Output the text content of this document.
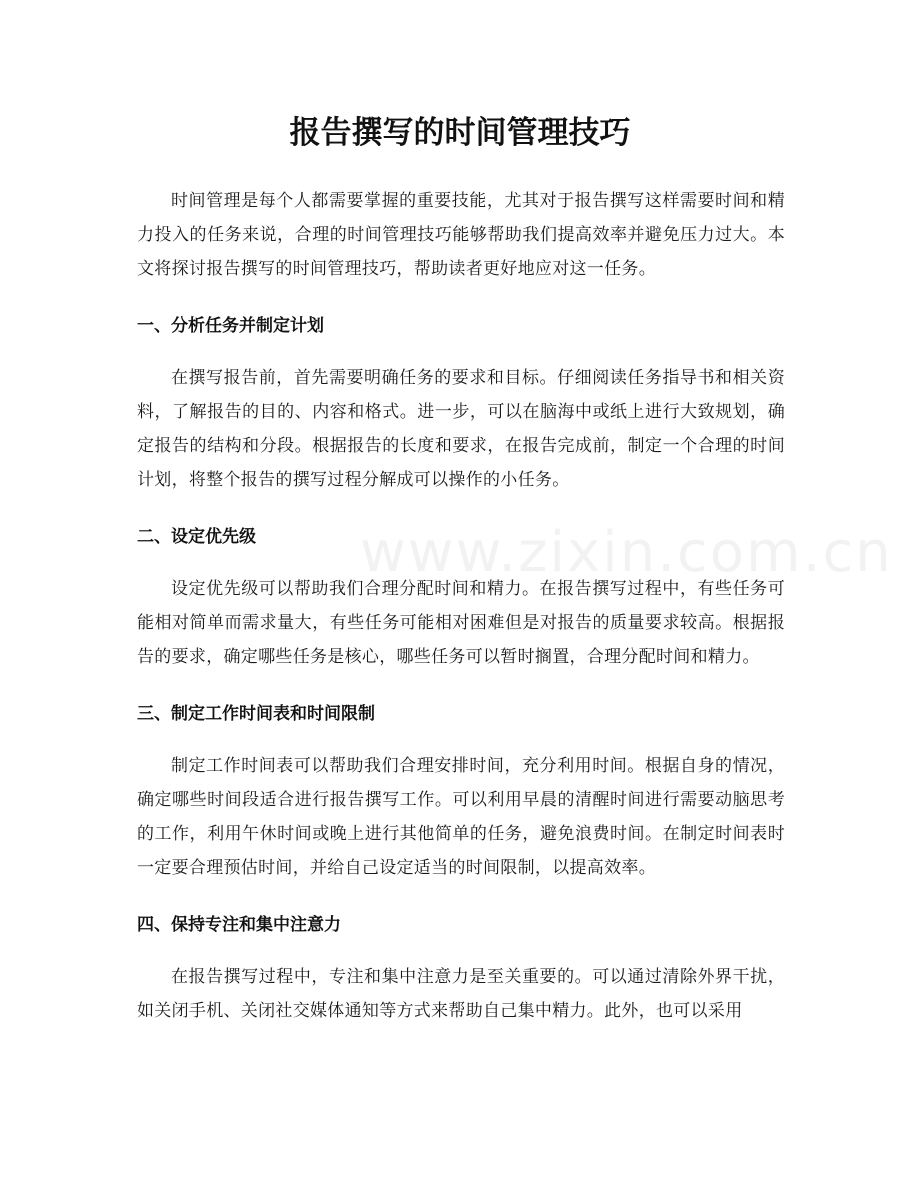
报告撰写的时间管理技巧
www.zixin.com.cn

时间管理是每个人都需要掌握的重要技能，尤其对于报告撰写这样需要时间和精力投入的任务来说，合理的时间管理技巧能够帮助我们提高效率并避免压力过大。本文将探讨报告撰写的时间管理技巧，帮助读者更好地应对这一任务。

一、分析任务并制定计划

在撰写报告前，首先需要明确任务的要求和目标。仔细阅读任务指导书和相关资料，了解报告的目的、内容和格式。进一步，可以在脑海中或纸上进行大致规划，确定报告的结构和分段。根据报告的长度和要求，在报告完成前，制定一个合理的时间计划，将整个报告的撰写过程分解成可以操作的小任务。

二、设定优先级

设定优先级可以帮助我们合理分配时间和精力。在报告撰写过程中，有些任务可能相对简单而需求量大，有些任务可能相对困难但是对报告的质量要求较高。根据报告的要求，确定哪些任务是核心，哪些任务可以暂时搁置，合理分配时间和精力。

三、制定工作时间表和时间限制

制定工作时间表可以帮助我们合理安排时间，充分利用时间。根据自身的情况，确定哪些时间段适合进行报告撰写工作。可以利用早晨的清醒时间进行需要动脑思考的工作，利用午休时间或晚上进行其他简单的任务，避免浪费时间。在制定时间表时一定要合理预估时间，并给自己设定适当的时间限制，以提高效率。

四、保持专注和集中注意力

在报告撰写过程中，专注和集中注意力是至关重要的。可以通过清除外界干扰，如关闭手机、关闭社交媒体通知等方式来帮助自己集中精力。此外，也可以采用
